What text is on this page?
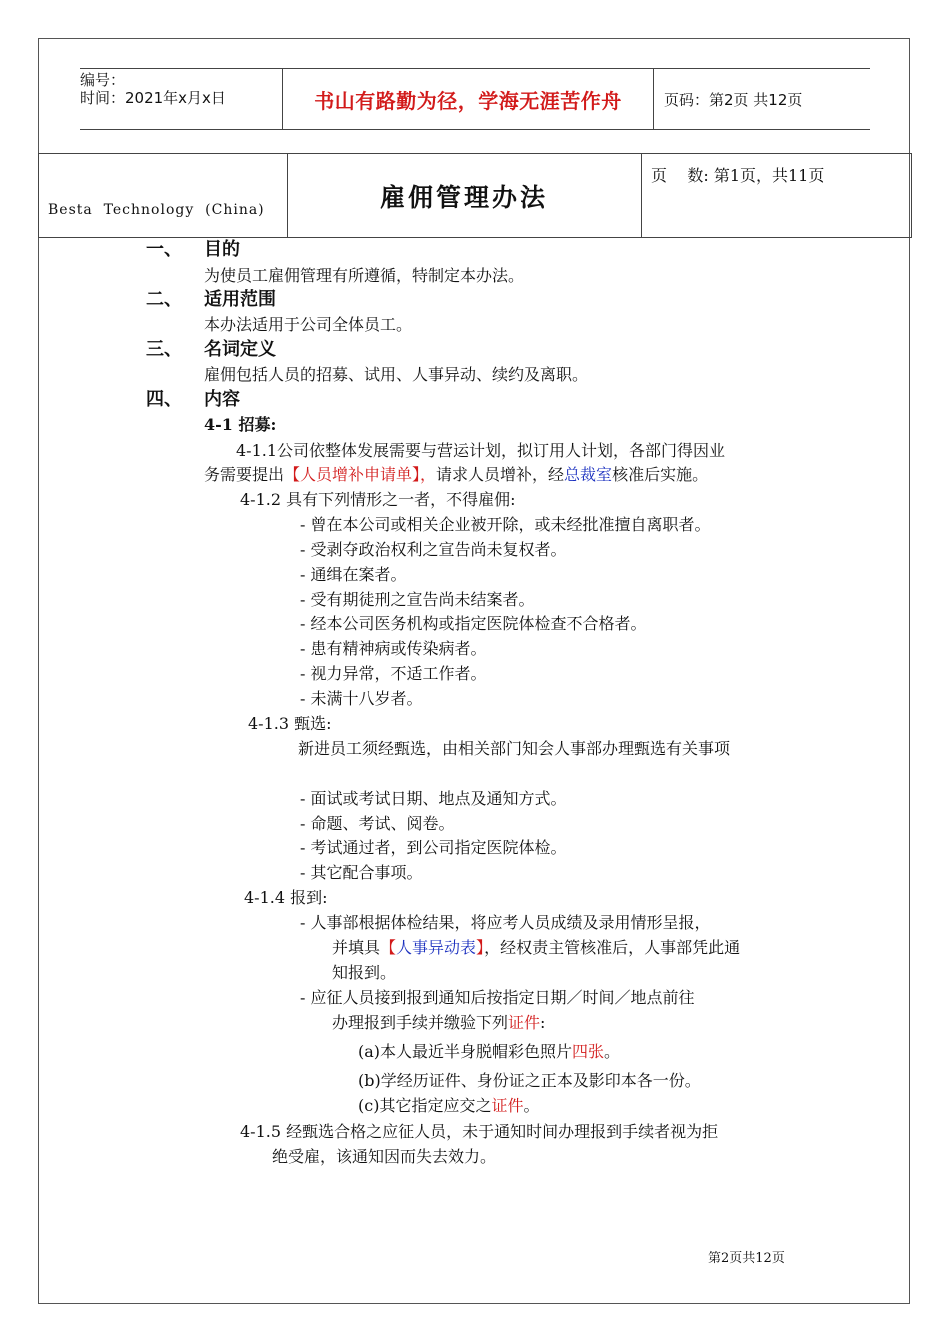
编号：
时间：2021年x月x日	书山有路勤为径，学海无涯苦作舟	页码：第2页 共12页
Besta  Technology  (China)	雇佣管理办法
页    数: 第1页，共11页
一、 目的
为使员工雇佣管理有所遵循，特制定本办法。
二、 适用范围
本办法适用于公司全体员工。
三、 名词定义
雇佣包括人员的招募、试用、人事异动、续约及离职。
四、 内容
4-1 招募:
4-1.1公司依整体发展需要与营运计划，拟订用人计划，各部门得因业
务需要提出【人员增补申请单】，请求人员增补，经总裁室核准后实施。
4-1.2 具有下列情形之一者，不得雇佣:
- 曾在本公司或相关企业被开除，或未经批准擅自离职者。
- 受剥夺政治权利之宣告尚未复权者。
- 通缉在案者。
- 受有期徒刑之宣告尚未结案者。
- 经本公司医务机构或指定医院体检查不合格者。
- 患有精神病或传染病者。
- 视力异常，不适工作者。
- 未满十八岁者。
4-1.3 甄选:
新进员工须经甄选，由相关部门知会人事部办理甄选有关事项
- 面试或考试日期、地点及通知方式。
- 命题、考试、阅卷。
- 考试通过者，到公司指定医院体检。
- 其它配合事项。
4-1.4 报到:
- 人事部根据体检结果，将应考人员成绩及录用情形呈报，
并填具【人事异动表】，经权责主管核准后，人事部凭此通
知报到。
- 应征人员接到报到通知后按指定日期／时间／地点前往
办理报到手续并缴验下列证件:
(a)本人最近半身脱帽彩色照片四张。
(b)学经历证件、身份证之正本及影印本各一份。
(c)其它指定应交之证件。
4-1.5 经甄选合格之应征人员，未于通知时间办理报到手续者视为拒
绝受雇，该通知因而失去效力。
第2页共12页
